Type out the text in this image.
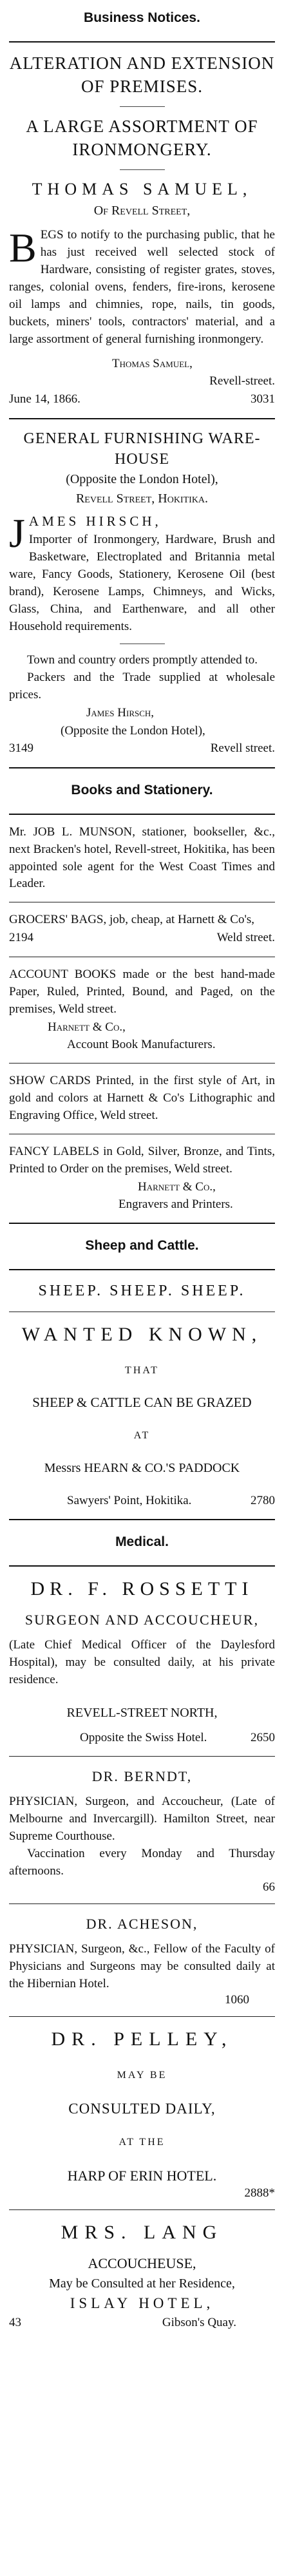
Business Notices.
ALTERATION AND EXTENSION
OF PREMISES.
A LARGE ASSORTMENT OF
IRONMONGERY.
THOMAS SAMUEL,
Of Revell Street,
BEGS to notify to the purchasing public, that he has just received well selected stock of Hardware, consisting of register grates, stoves, ranges, colonial ovens, fenders, fire-irons, kerosene oil lamps and chimnies, rope, nails, tin goods, buckets, miners' tools, contractors' material, and a large assortment of general furnishing ironmongery.
Thomas Samuel,
Revell-street.
June 14, 1866.	3031
GENERAL FURNISHING WARE-
HOUSE
(Opposite the London Hotel),
Revell Street, Hokitika.
JAMES HIRSCH,
Importer of Ironmongery, Hardware, Brush and Basketware, Electroplated and Britannia metal ware, Fancy Goods, Stationery, Kerosene Oil (best brand), Kerosene Lamps, Chimneys, and Wicks, Glass, China, and Earthenware, and all other Household requirements.
Town and country orders promptly attended to.
Packers and the Trade supplied at wholesale prices.
James Hirsch,
(Opposite the London Hotel),
3149	Revell street.
Books and Stationery.
Mr. JOB L. MUNSON, stationer, bookseller, &c., next Bracken's hotel, Revell-street, Hokitika, has been appointed sole agent for the West Coast Times and Leader.
GROCERS' BAGS, job, cheap, at Harnett & Co's,
2194	Weld street.
ACCOUNT BOOKS made or the best hand-made Paper, Ruled, Printed, Bound, and Paged, on the premises, Weld street.
Harnett & Co.,
Account Book Manufacturers.
SHOW CARDS Printed, in the first style of Art, in gold and colors at Harnett & Co's Lithographic and Engraving Office, Weld street.
FANCY LABELS in Gold, Silver, Bronze, and Tints, Printed to Order on the premises, Weld street.
Harnett & Co.,
Engravers and Printers.
Sheep and Cattle.
SHEEP. SHEEP. SHEEP.
WANTED KNOWN,
THAT
SHEEP & CATTLE CAN BE GRAZED
AT
Messrs HEARN & CO.'S PADDOCK
Sawyers' Point, Hokitika.	2780
Medical.
DR. F. ROSSETTI
SURGEON AND ACCOUCHEUR,
(Late Chief Medical Officer of the Daylesford Hospital), may be consulted daily, at his private residence.
REVELL-STREET NORTH,
Opposite the Swiss Hotel.	2650
DR. BERNDT,
PHYSICIAN, Surgeon, and Accoucheur, (Late of Melbourne and Invercargill). Hamilton Street, near Supreme Courthouse.
Vaccination every Monday and Thursday afternoons.
66
DR. ACHESON,
PHYSICIAN, Surgeon, &c., Fellow of the Faculty of Physicians and Surgeons may be consulted daily at the Hibernian Hotel.
1060
DR. PELLEY,
MAY BE
CONSULTED DAILY,
AT THE
HARP OF ERIN HOTEL.
2888*
MRS. LANG
ACCOUCHEUSE,
May be Consulted at her Residence,
ISLAY HOTEL,
43	Gibson's Quay.
